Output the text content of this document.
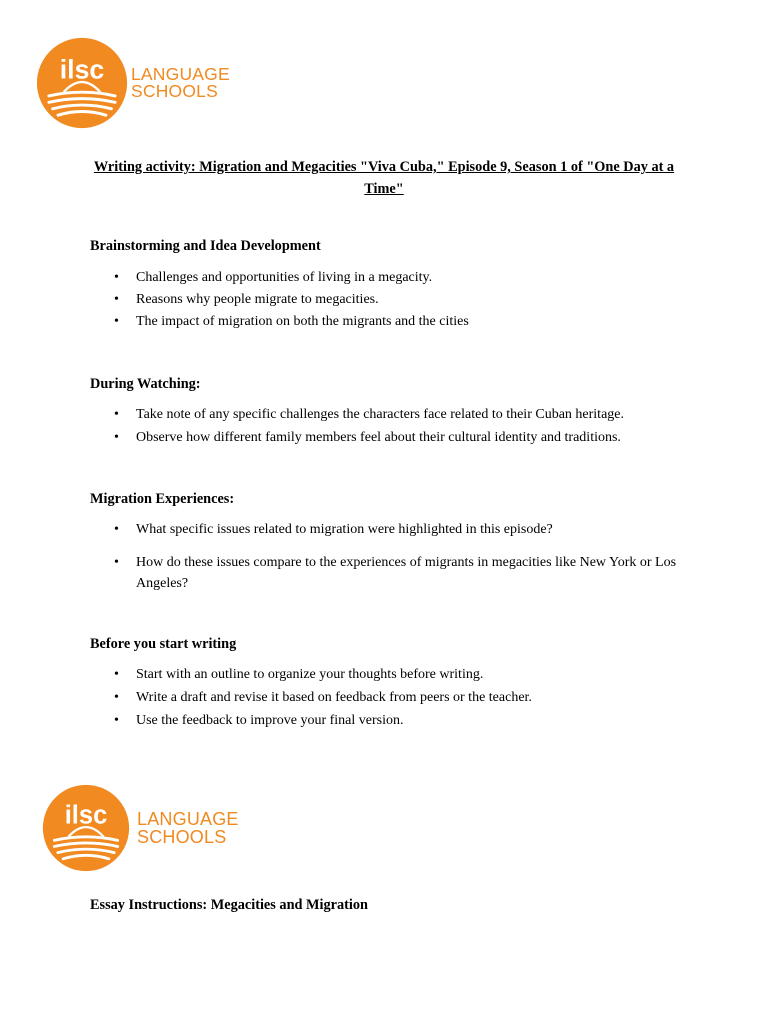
ilsc LANGUAGE
SCHOOLS
Writing activity: Migration and Megacities "Viva Cuba," Episode 9, Season 1 of "One Day at a Time"

Brainstorming and Idea Development

• Challenges and opportunities of living in a megacity.
• Reasons why people migrate to megacities.
• The impact of migration on both the migrants and the cities

During Watching:

• Take note of any specific challenges the characters face related to their Cuban heritage.
• Observe how different family members feel about their cultural identity and traditions.

Migration Experiences:

• What specific issues related to migration were highlighted in this episode?
• How do these issues compare to the experiences of migrants in megacities like New York or Los Angeles?

Before you start writing

• Start with an outline to organize your thoughts before writing.
• Write a draft and revise it based on feedback from peers or the teacher.
• Use the feedback to improve your final version.
ilsc LANGUAGE
SCHOOLS

Essay Instructions: Megacities and Migration
